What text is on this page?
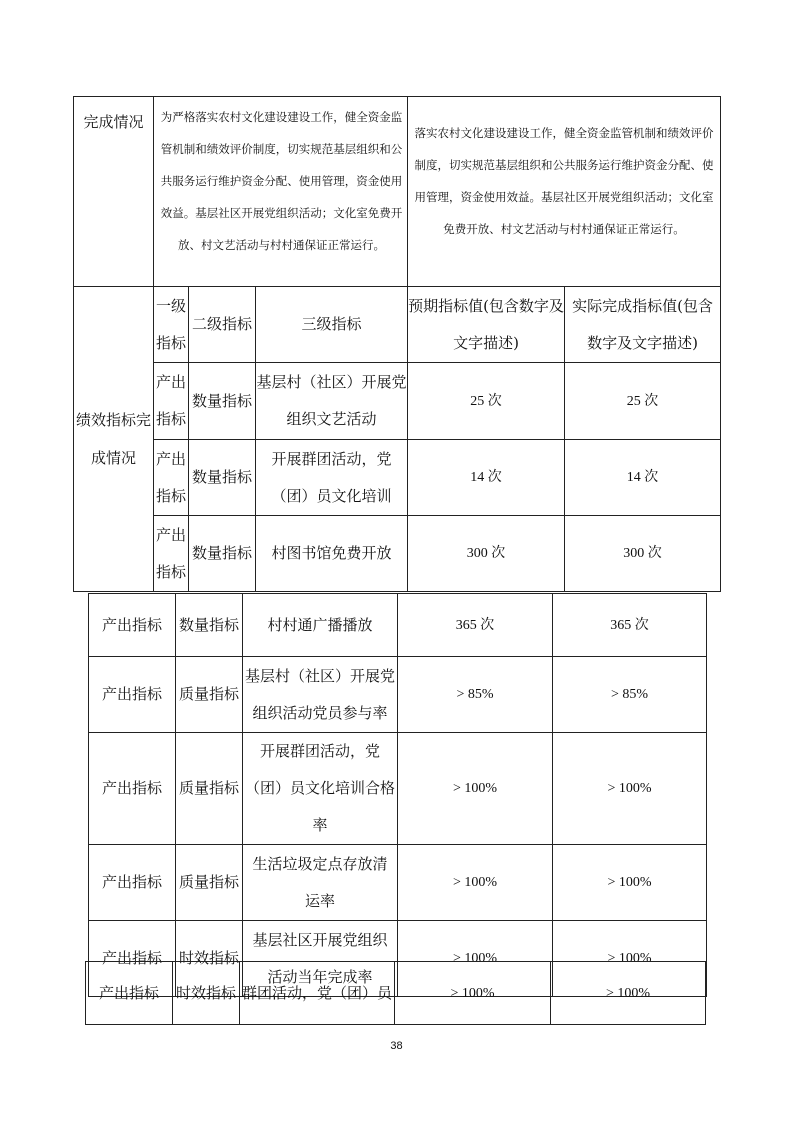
完成情况	为严格落实农村文化建设建设工作，健全资金监管机制和绩效评价制度，切实规范基层组织和公共服务运行维护资金分配、使用管理，资金使用效益。基层社区开展党组织活动；文化室免费开放、村文艺活动与村村通保证正常运行。			落实农村文化建设建设工作，健全资金监管机制和绩效评价制度，切实规范基层组织和公共服务运行维护资金分配、使用管理，资金使用效益。基层社区开展党组织活动；文化室免费开放、村文艺活动与村村通保证正常运行。	
绩效指标完成情况	一级指标	二级指标	三级指标	预期指标值(包含数字及文字描述)	实际完成指标值(包含数字及文字描述)
	产出指标	数量指标	基层村（社区）开展党组织文艺活动	25 次	25 次
	产出指标	数量指标	开展群团活动，党（团）员文化培训	14 次	14 次
	产出指标	数量指标	村图书馆免费开放	300 次	300 次
产出指标	数量指标	村村通广播播放	365 次	365 次
产出指标	质量指标	基层村（社区）开展党组织活动党员参与率	> 85%	> 85%
产出指标	质量指标	开展群团活动，党（团）员文化培训合格率	> 100%	> 100%
产出指标	质量指标	生活垃圾定点存放清运率	> 100%	> 100%
产出指标	时效指标	基层社区开展党组织活动当年完成率	> 100%	> 100%
产出指标	时效指标	群团活动，党（团）员	> 100%	> 100%
38
